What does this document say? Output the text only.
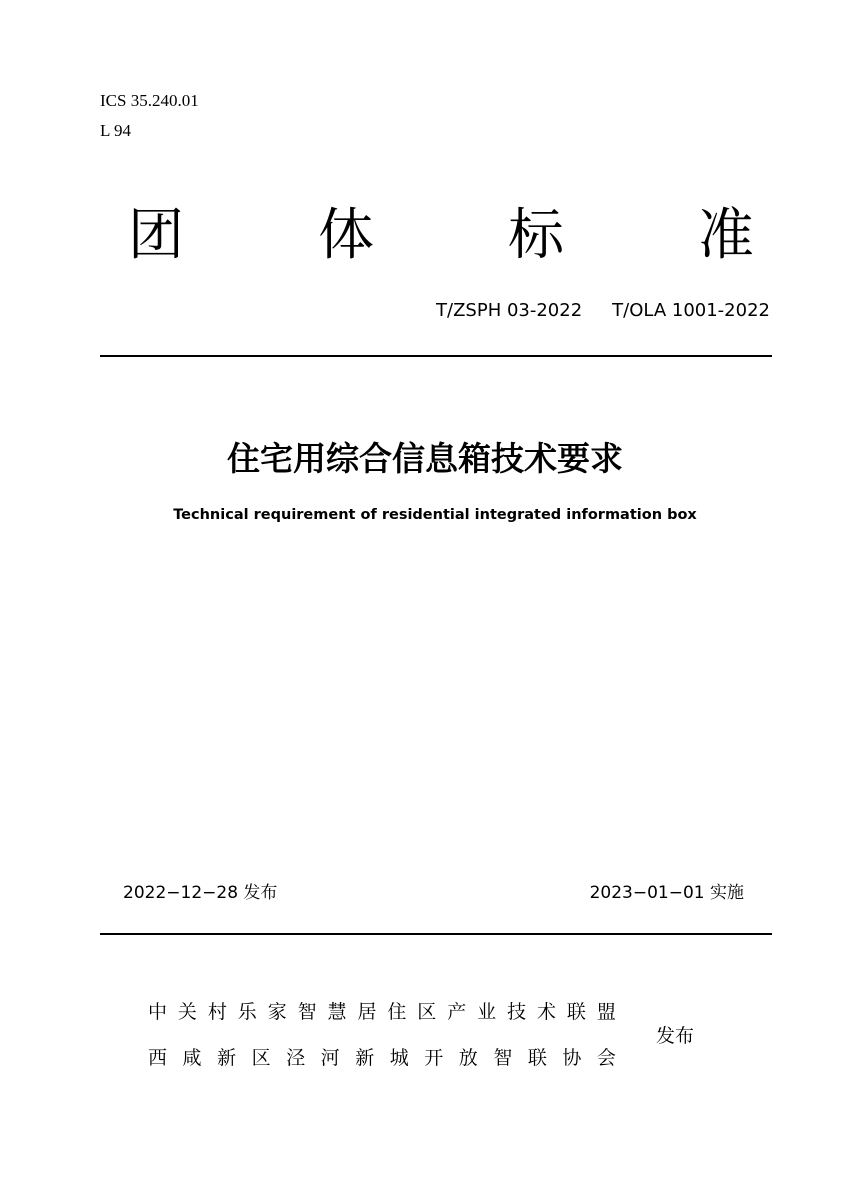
ICS 35.240.01
L 94
团 体 标 准
T/ZSPH 03-2022 T/OLA 1001-2022
住宅用综合信息箱技术要求
Technical requirement of residential integrated information box
2022−12−28 发布	2023−01−01 实施
中 关 村 乐 家 智 慧 居 住 区 产 业 技 术 联 盟
西 咸 新 区 泾 河 新 城 开 放 智 联 协 会
发布
